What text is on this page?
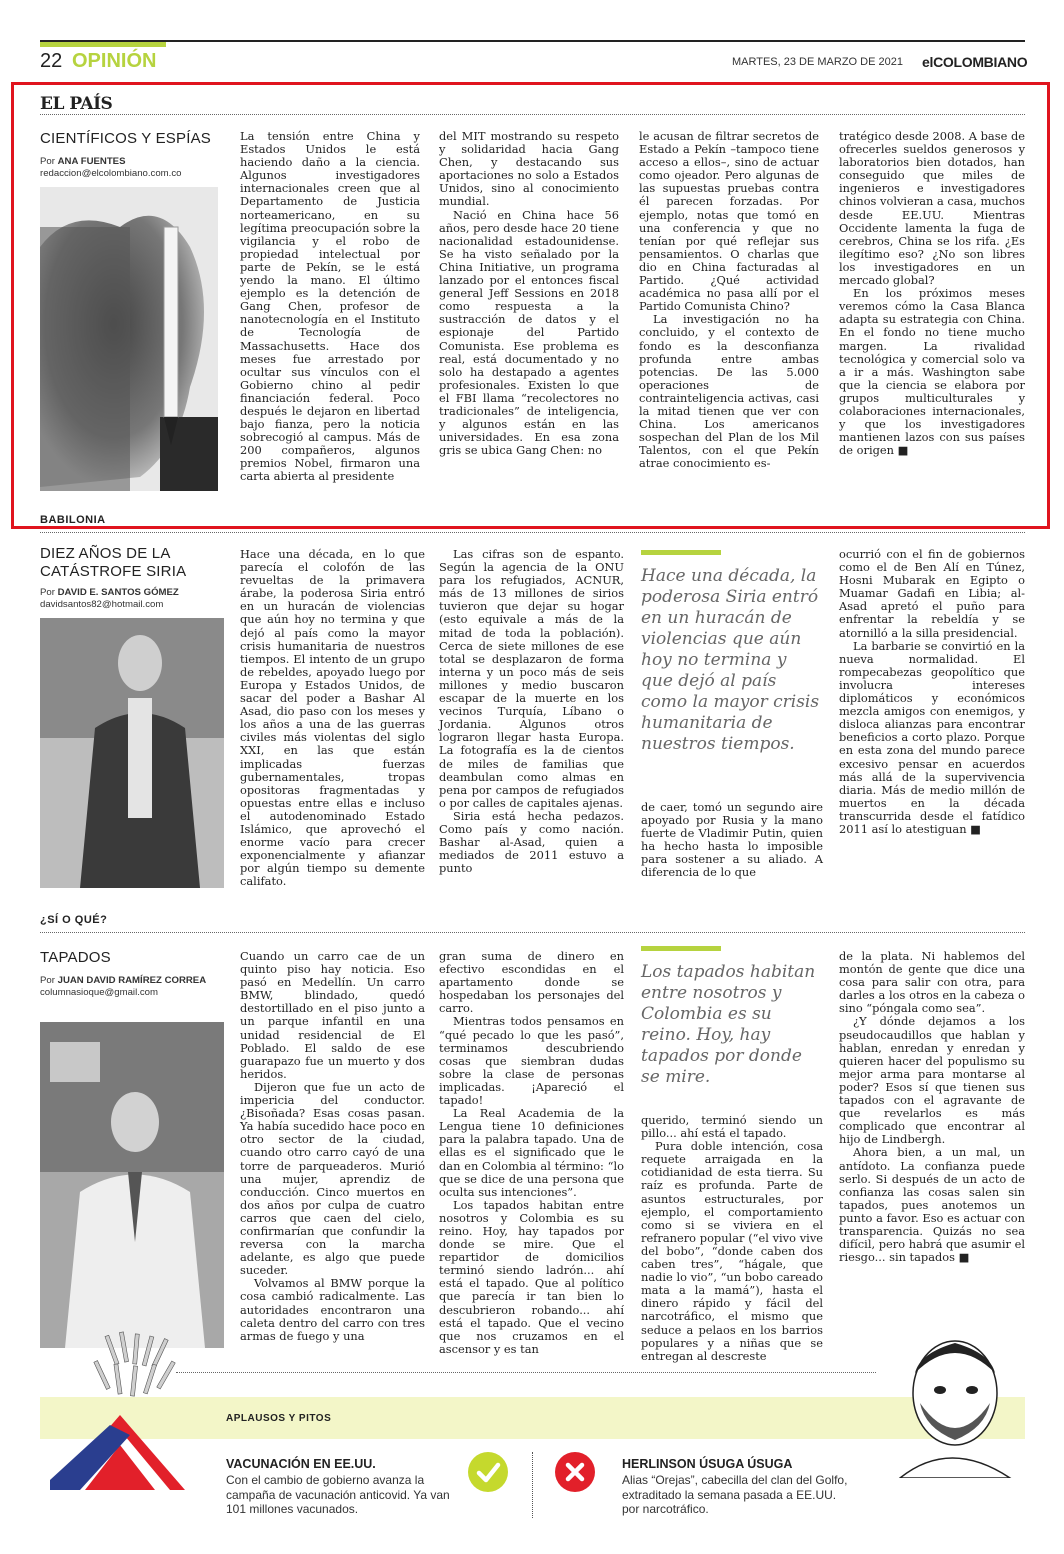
22 OPINIÓN	MARTES, 23 DE MARZO DE 2021 elCOLOMBIANO
EL PAÍS
CIENTÍFICOS Y ESPÍAS
Por ANA FUENTES
redaccion@elcolombiano.com.co

La tensión entre China y Estados Unidos le está haciendo daño a la ciencia. Algunos investigadores internacionales creen que al Departamento de Justicia norteamericano, en su legítima preocupación sobre la vigilancia y el robo de propiedad intelectual por parte de Pekín, se le está yendo la mano. El último ejemplo es la detención de Gang Chen, profesor de nanotecnología en el Instituto de Tecnología de Massachusetts. Hace dos meses fue arrestado por ocultar sus vínculos con el Gobierno chino al pedir financiación federal. Poco después le dejaron en libertad bajo fianza, pero la noticia sobrecogió al campus. Más de 200 compañeros, algunos premios Nobel, firmaron una carta abierta al presidente

del MIT mostrando su respeto y solidaridad hacia Gang Chen, y destacando sus aportaciones no solo a Estados Unidos, sino al conocimiento mundial.

Nació en China hace 56 años, pero desde hace 20 tiene nacionalidad estadounidense. Se ha visto señalado por la China Initiative, un programa lanzado por el entonces fiscal general Jeff Sessions en 2018 como respuesta a la sustracción de datos y el espionaje del Partido Comunista. Ese problema es real, está documentado y no solo ha destapado a agentes profesionales. Existen lo que el FBI llama “recolectores no tradicionales” de inteligencia, y algunos están en las universidades. En esa zona gris se ubica Gang Chen: no

le acusan de filtrar secretos de Estado a Pekín –tampoco tiene acceso a ellos–, sino de actuar como ojeador. Pero algunas de las supuestas pruebas contra él parecen forzadas. Por ejemplo, notas que tomó en una conferencia y que no tenían por qué reflejar sus pensamientos. O charlas que dio en China facturadas al Partido. ¿Qué actividad académica no pasa allí por el Partido Comunista Chino?

La investigación no ha concluido, y el contexto de fondo es la desconfianza profunda entre ambas potencias. De las 5.000 operaciones de contrainteligencia activas, casi la mitad tienen que ver con China. Los americanos sospechan del Plan de los Mil Talentos, con el que Pekín atrae conocimiento es-

tratégico desde 2008. A base de ofrecerles sueldos generosos y laboratorios bien dotados, han conseguido que miles de ingenieros e investigadores chinos volvieran a casa, muchos desde EE.UU. Mientras Occidente lamenta la fuga de cerebros, China se los rifa. ¿Es ilegítimo eso? ¿No son libres los investigadores en un mercado global?

En los próximos meses veremos cómo la Casa Blanca adapta su estrategia con China. En el fondo no tiene mucho margen. La rivalidad tecnológica y comercial solo va a ir a más. Washington sabe que la ciencia se elabora por grupos multiculturales y colaboraciones internacionales, y que los investigadores mantienen lazos con sus países de origen ■

BABILONIA
DIEZ AÑOS DE LA
CATÁSTROFE SIRIA
Por DAVID E. SANTOS GÓMEZ
davidsantos82@hotmail.com

Hace una década, en lo que parecía el colofón de las revueltas de la primavera árabe, la poderosa Siria entró en un huracán de violencias que aún hoy no termina y que dejó al país como la mayor crisis humanitaria de nuestros tiempos. El intento de un grupo de rebeldes, apoyado luego por Europa y Estados Unidos, de sacar del poder a Bashar Al Asad, dio paso con los meses y los años a una de las guerras civiles más violentas del siglo XXI, en las que están implicadas fuerzas gubernamentales, tropas opositoras fragmentadas y opuestas entre ellas e incluso el autodenominado Estado Islámico, que aprovechó el enorme vacío para crecer exponencialmente y afianzar por algún tiempo su demente califato.

Las cifras son de espanto. Según la agencia de la ONU para los refugiados, ACNUR, más de 13 millones de sirios tuvieron que dejar su hogar (esto equivale a más de la mitad de toda la población). Cerca de siete millones de ese total se desplazaron de forma interna y un poco más de seis millones y medio buscaron escapar de la muerte en los vecinos Turquía, Líbano o Jordania. Algunos otros lograron llegar hasta Europa. La fotografía es la de cientos de miles de familias que deambulan como almas en pena por campos de refugiados o por calles de capitales ajenas.

Siria está hecha pedazos. Como país y como nación. Bashar al-Asad, quien a mediados de 2011 estuvo a punto

Hace una década, la poderosa Siria entró en un huracán de violencias que aún hoy no termina y que dejó al país como la mayor crisis humanitaria de nuestros tiempos.

de caer, tomó un segundo aire apoyado por Rusia y la mano fuerte de Vladimir Putin, quien ha hecho hasta lo imposible para sostener a su aliado. A diferencia de lo que

ocurrió con el fin de gobiernos como el de Ben Alí en Túnez, Hosni Mubarak en Egipto o Muamar Gadafi en Libia; al-Asad apretó el puño para enfrentar la rebeldía y se atornilló a la silla presidencial.

La barbarie se convirtió en la nueva normalidad. El rompecabezas geopolítico que involucra intereses diplomáticos y económicos mezcla amigos con enemigos, y disloca alianzas para encontrar beneficios a corto plazo. Porque en esta zona del mundo parece excesivo pensar en acuerdos más allá de la supervivencia diaria. Más de medio millón de muertos en la década transcurrida desde el fatídico 2011 así lo atestiguan ■

¿SÍ O QUÉ?
TAPADOS
Por JUAN DAVID RAMÍREZ CORREA
columnasioque@gmail.com

Cuando un carro cae de un quinto piso hay noticia. Eso pasó en Medellín. Un carro BMW, blindado, quedó destortillado en el piso junto a un parque infantil en una unidad residencial de El Poblado. El saldo de ese guarapazo fue un muerto y dos heridos.

Dijeron que fue un acto de impericia del conductor. ¿Bisoñada? Esas cosas pasan. Ya había sucedido hace poco en otro sector de la ciudad, cuando otro carro cayó de una torre de parqueaderos. Murió una mujer, aprendiz de conducción. Cinco muertos en dos años por culpa de cuatro carros que caen del cielo, confirmarían que confundir la reversa con la marcha adelante, es algo que puede suceder.

Volvamos al BMW porque la cosa cambió radicalmente. Las autoridades encontraron una caleta dentro del carro con tres armas de fuego y una

gran suma de dinero en efectivo escondidas en el apartamento donde se hospedaban los personajes del carro.

Mientras todos pensamos en “qué pecado lo que les pasó”, terminamos descubriendo cosas que siembran dudas sobre la clase de personas implicadas. ¡Apareció el tapado!

La Real Academia de la Lengua tiene 10 definiciones para la palabra tapado. Una de ellas es el significado que le dan en Colombia al término: “lo que se dice de una persona que oculta sus intenciones”.

Los tapados habitan entre nosotros y Colombia es su reino. Hoy, hay tapados por donde se mire. Que el repartidor de domicilios terminó siendo ladrón... ahí está el tapado. Que al político que parecía ir tan bien lo descubrieron robando... ahí está el tapado. Que el vecino que nos cruzamos en el ascensor y es tan

Los tapados habitan entre nosotros y Colombia es su reino. Hoy, hay tapados por donde se mire.

querido, terminó siendo un pillo... ahí está el tapado.

Pura doble intención, cosa requete arraigada en la cotidianidad de esta tierra. Su raíz es profunda. Parte de asuntos estructurales, por ejemplo, el comportamiento como si se viviera en el refranero popular (“el vivo vive del bobo”, “donde caben dos caben tres”, “hágale, que nadie lo vio”, “un bobo careado mata a la mamá”), hasta el dinero rápido y fácil del narcotráfico, el mismo que seduce a pelaos en los barrios populares y a niñas que se entregan al descreste

de la plata. Ni hablemos del montón de gente que dice una cosa para salir con otra, para darles a los otros en la cabeza o sino “póngala como sea”.

¿Y dónde dejamos a los pseudocaudillos que hablan y hablan, enredan y enredan y quieren hacer del populismo su mejor arma para montarse al poder? Esos sí que tienen sus tapados con el agravante de que revelarlos es más complicado que encontrar al hijo de Lindbergh.

Ahora bien, a un mal, un antídoto. La confianza puede serlo. Si después de un acto de confianza las cosas salen sin tapados, pues anotemos un punto a favor. Eso es actuar con transparencia. Quizás no sea difícil, pero habrá que asumir el riesgo... sin tapados ■

APLAUSOS Y PITOS
VACUNACIÓN EN EE.UU.
Con el cambio de gobierno avanza la campaña de vacunación anticovid. Ya van 101 millones vacunados.
HERLINSON ÚSUGA ÚSUGA
Alias “Orejas”, cabecilla del clan del Golfo, extraditado la semana pasada a EE.UU. por narcotráfico.
